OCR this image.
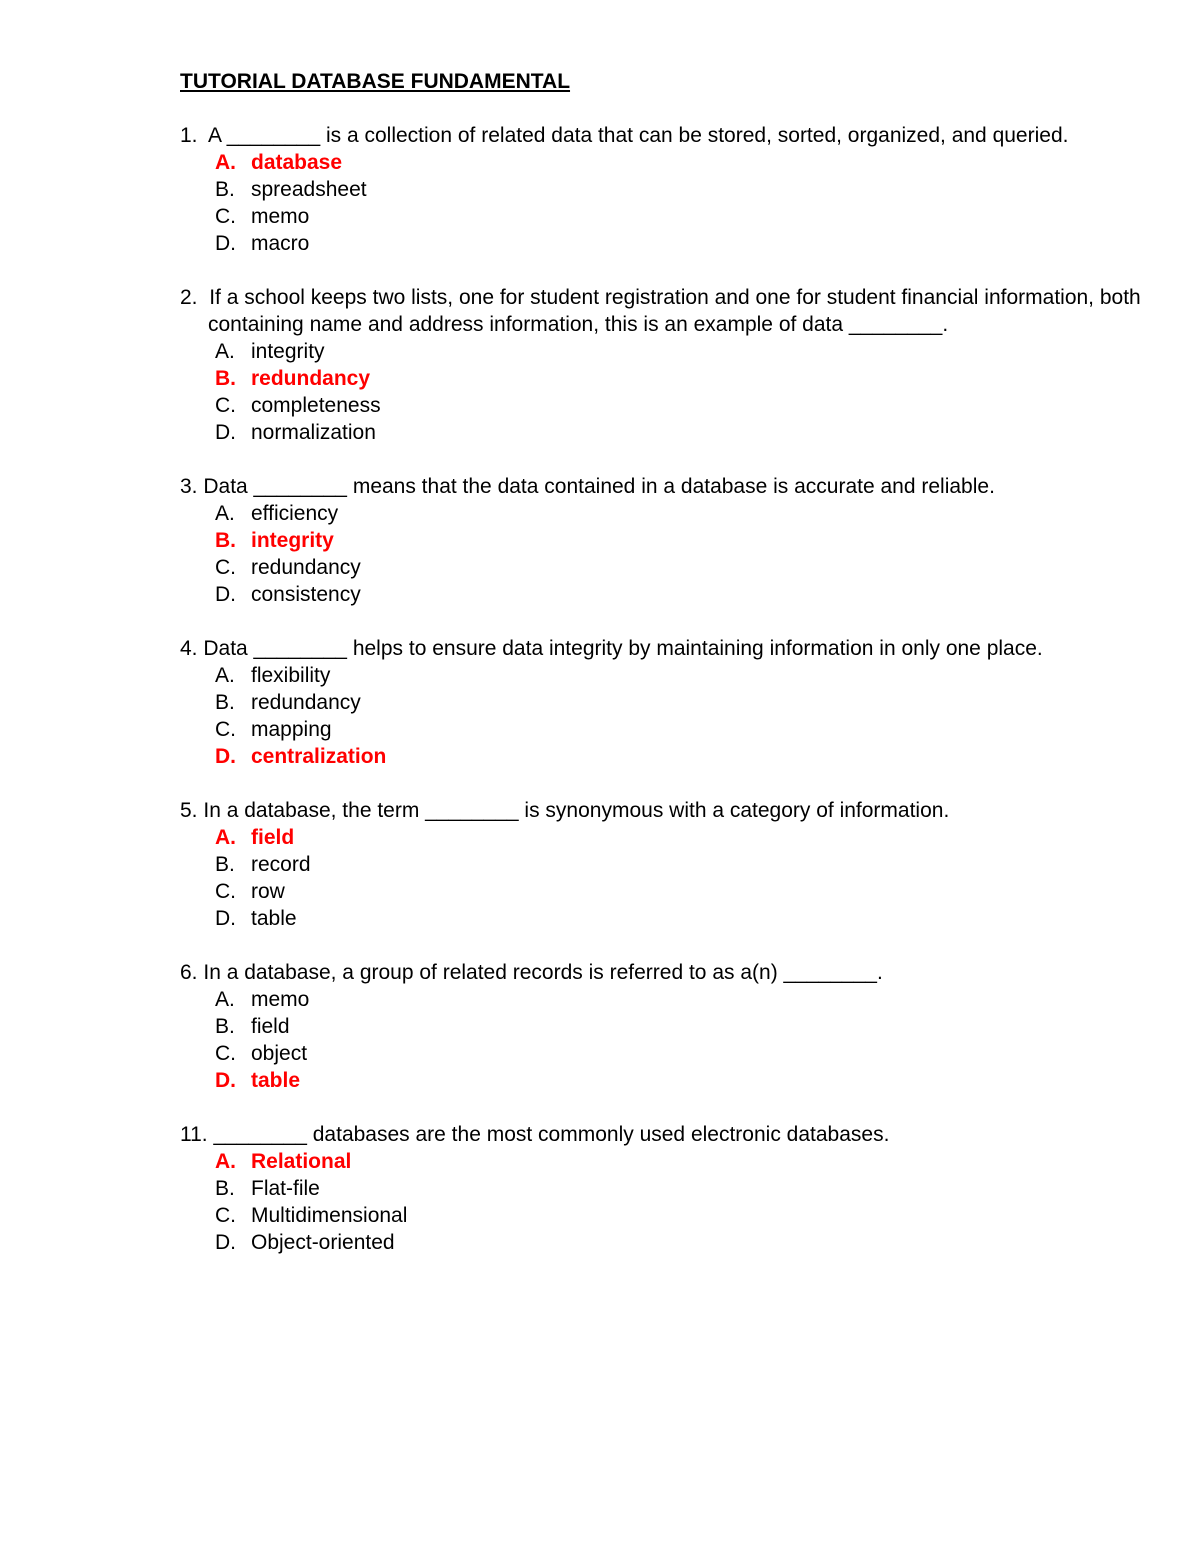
TUTORIAL DATABASE FUNDAMENTAL

1. A ________ is a collection of related data that can be stored, sorted, organized, and queried.

A. database
B. spreadsheet
C. memo
D. macro

2. If a school keeps two lists, one for student registration and one for student financial information, both containing name and address information, this is an example of data ________.

A. integrity
B. redundancy
C. completeness
D. normalization

3. Data ________ means that the data contained in a database is accurate and reliable.

A. efficiency
B. integrity
C. redundancy
D. consistency

4. Data ________ helps to ensure data integrity by maintaining information in only one place.

A. flexibility
B. redundancy
C. mapping
D. centralization

5. In a database, the term ________ is synonymous with a category of information.

A. field
B. record
C. row
D. table

6. In a database, a group of related records is referred to as a(n) ________.

A. memo
B. field
C. object
D. table

11. ________ databases are the most commonly used electronic databases.

A. Relational
B. Flat-file
C. Multidimensional
D. Object-oriented
